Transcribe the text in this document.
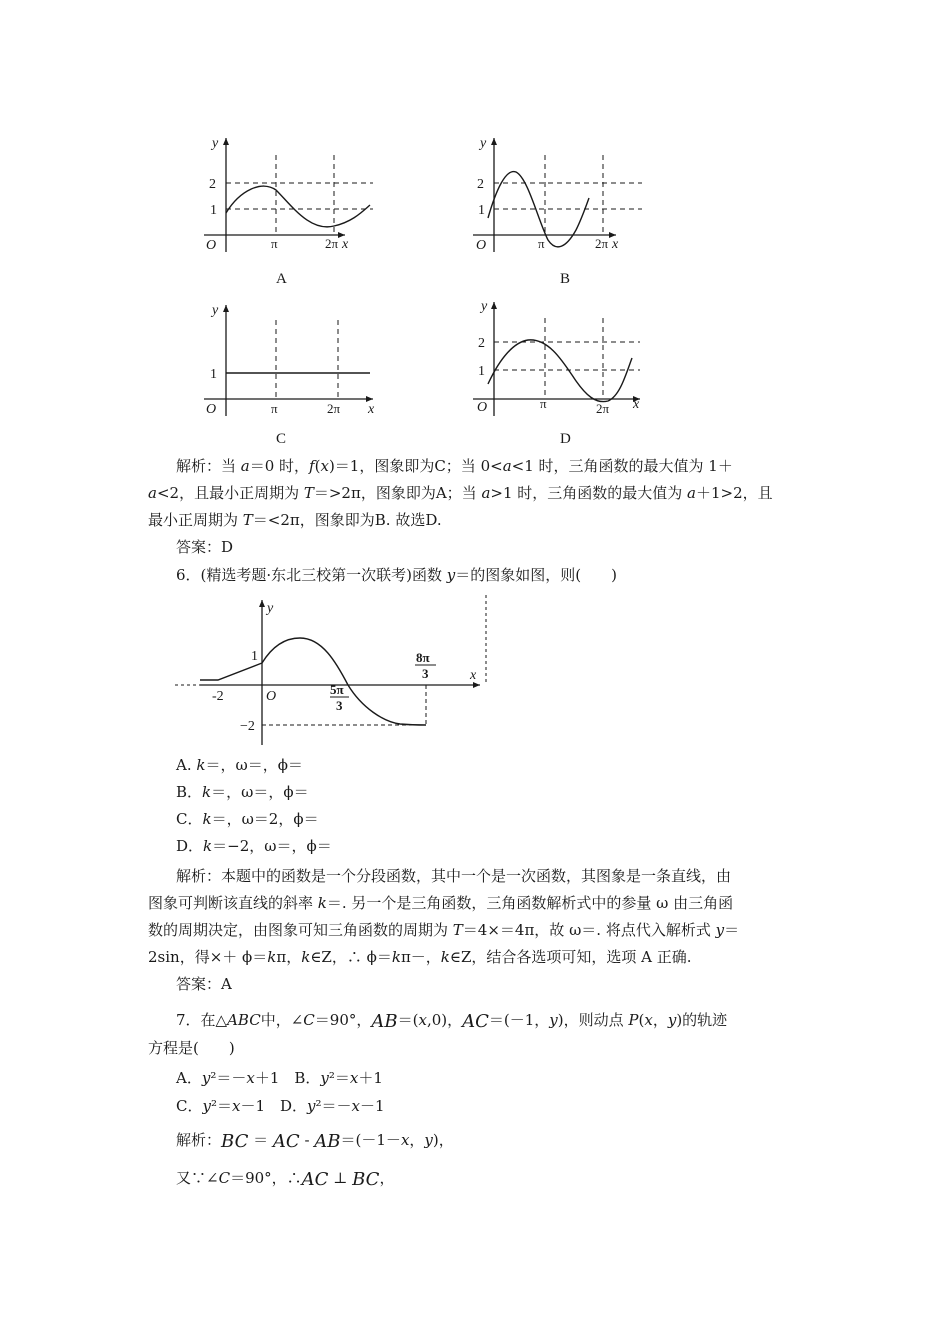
y
2
1
O	π	2π x
A
y
2
1
O	π	2π x
B
y
1
O	π	2π x
C
y
2
1
O	π	2π x
D
解析：当 a＝0 时，f(x)＝1，图象即为C；当 0<a<1 时，三角函数的最大值为 1＋
a<2，且最小正周期为 T＝>2π，图象即为A；当 a>1 时，三角函数的最大值为 a＋1>2，且
最小正周期为 T＝<2π，图象即为B. 故选D.
答案：D
6．(精选考题·东北三校第一次联考)函数 y＝的图象如图，则(　　)
y
1
-2	O
−2
5π
3
8π
3	x
A. k＝，ω＝，ϕ＝
B．k＝，ω＝，ϕ＝
C．k＝，ω＝2，ϕ＝
D．k＝−2，ω＝，ϕ＝
解析：本题中的函数是一个分段函数，其中一个是一次函数，其图象是一条直线，由
图象可判断该直线的斜率 k＝. 另一个是三角函数，三角函数解析式中的参量 ω 由三角函
数的周期决定，由图象可知三角函数的周期为 T＝4×＝4π，故 ω＝. 将点代入解析式 y＝
2sin，得×＋ ϕ＝kπ，k∈Z，∴ ϕ＝kπ－，k∈Z，结合各选项可知，选项 A 正确.
答案：A
7．在△ABC中，∠C＝90°，AB＝(x,0)，AC＝(－1，y)，则动点 P(x，y)的轨迹
方程是(　　)
A．y²＝－x＋1　B．y²＝x＋1
C．y²＝x－1　D．y²＝－x－1
解析：BC ＝ AC - AB＝(－1－x，y)，
又∵∠C＝90°，∴AC ⊥ BC，
